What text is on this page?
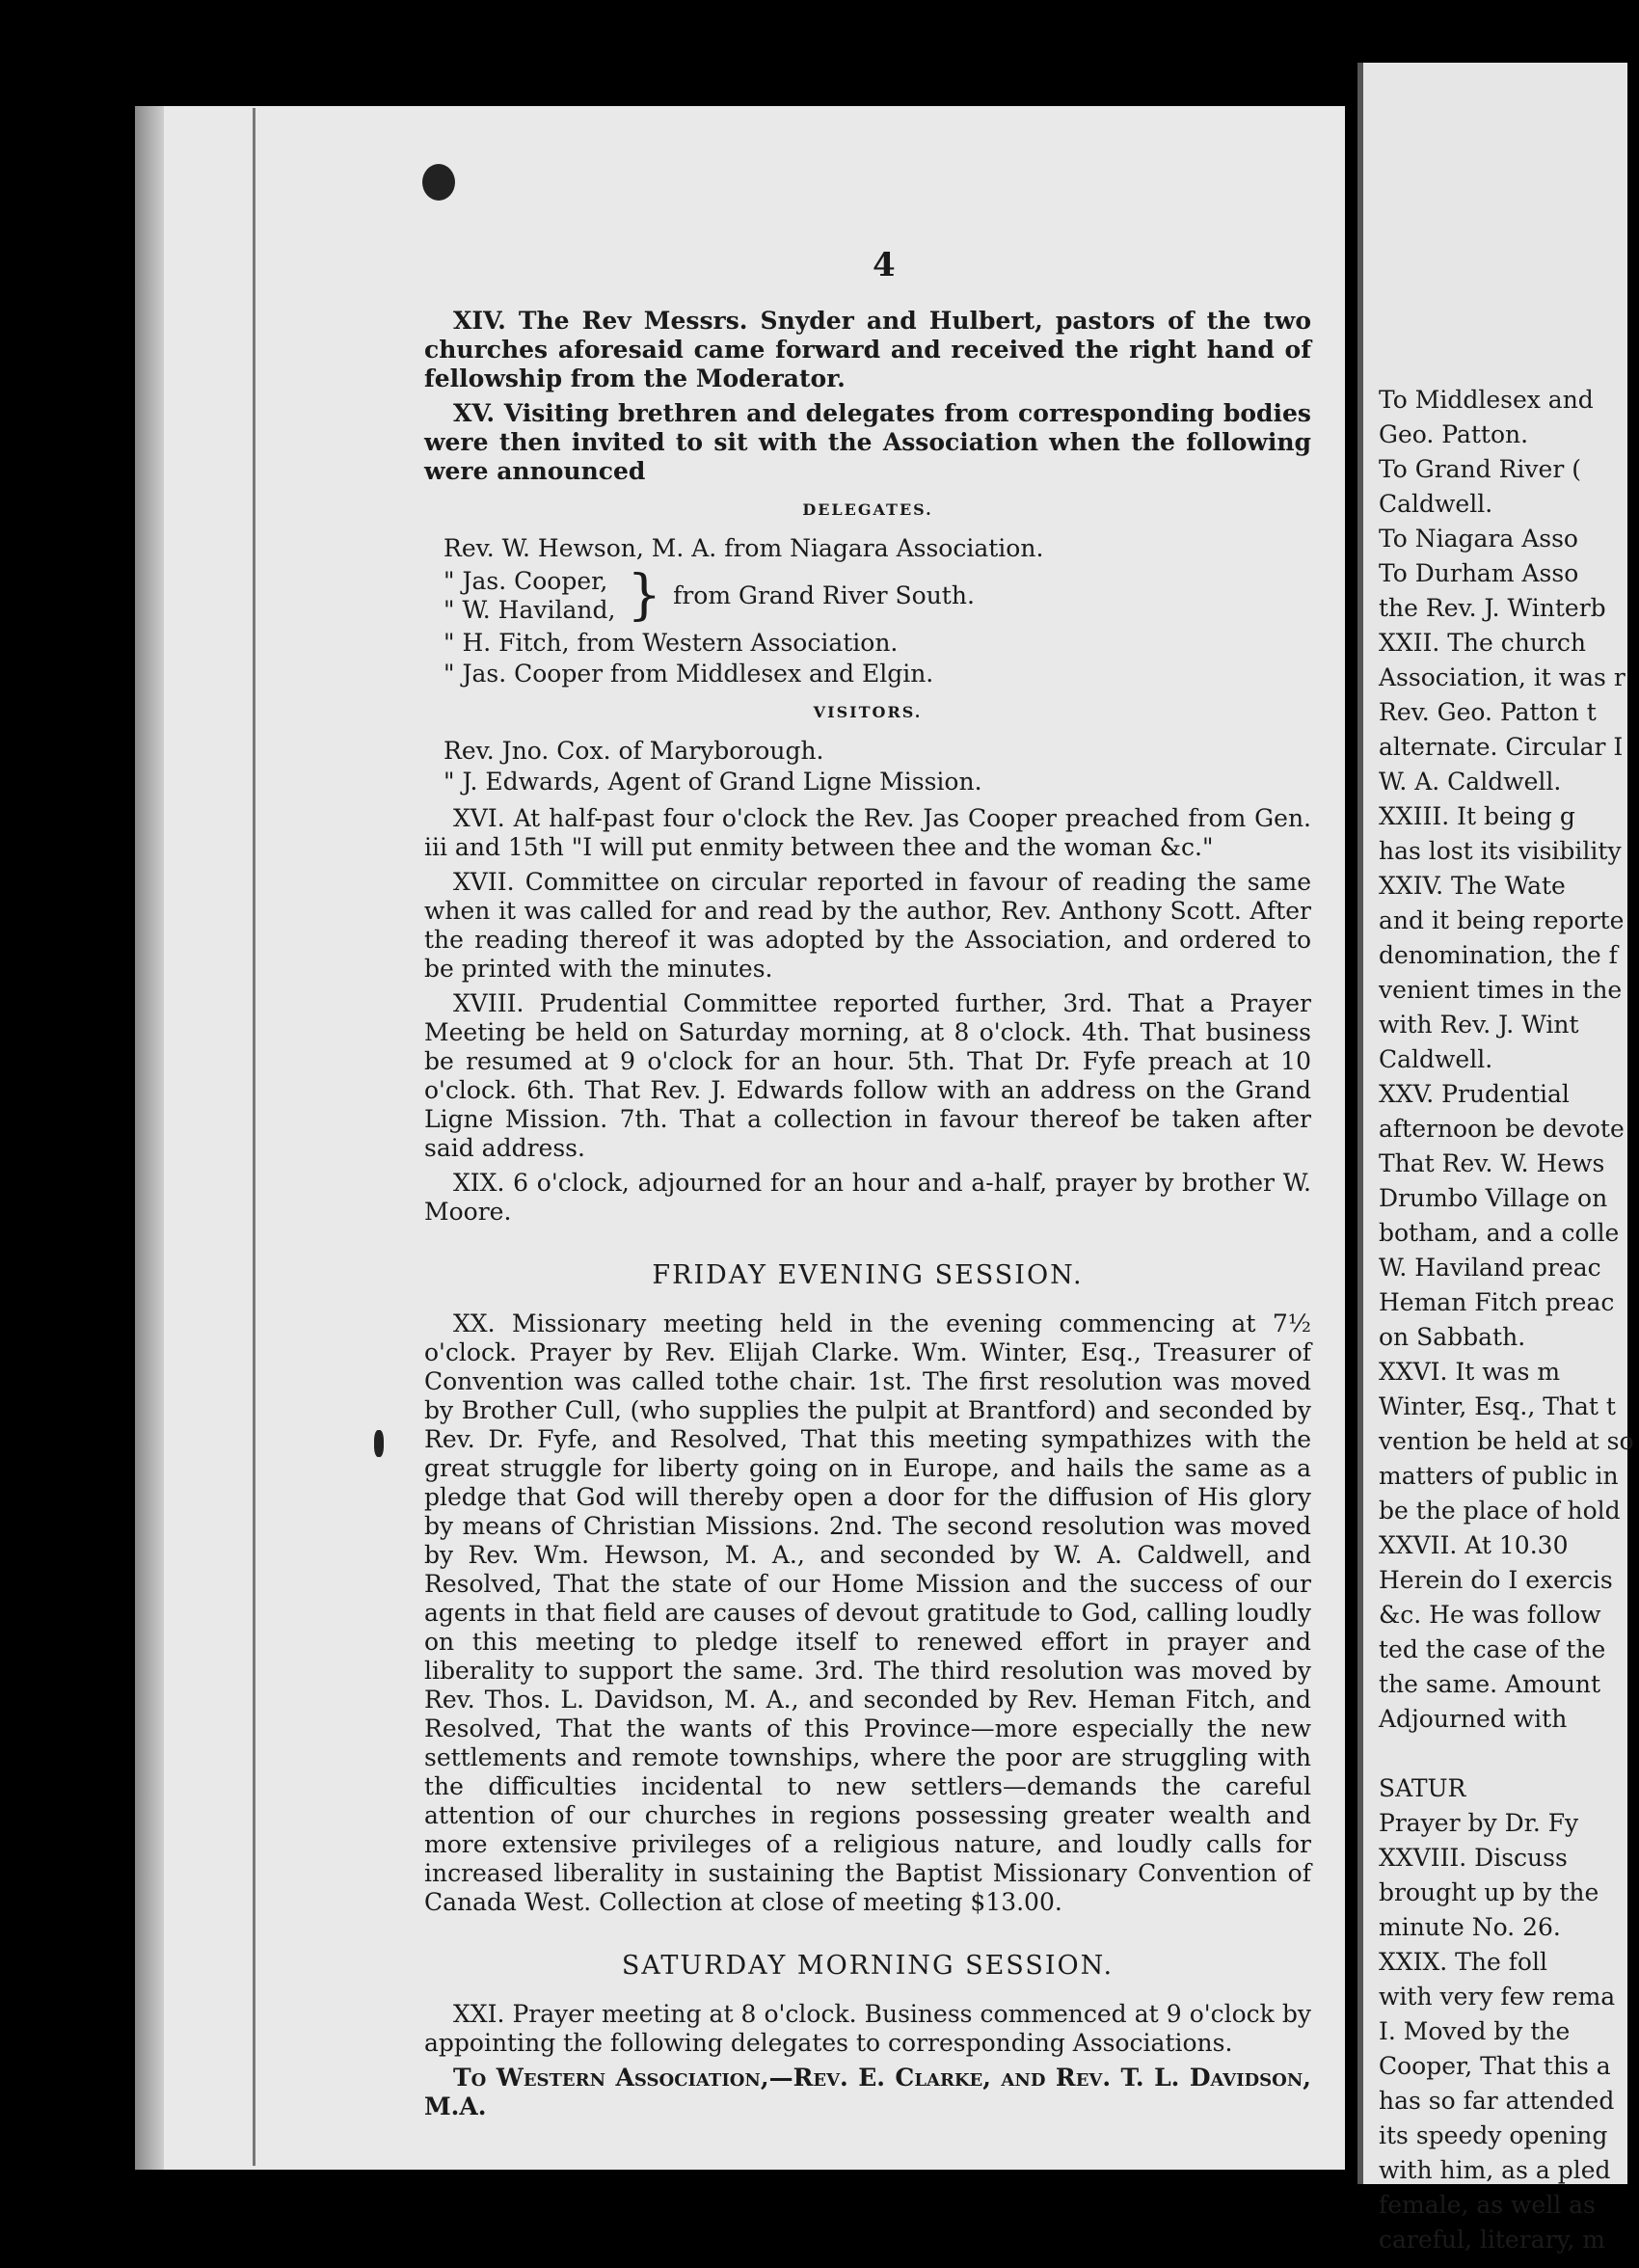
4

XIV. The Rev Messrs. Snyder and Hulbert, pastors of the two churches aforesaid came forward and received the right hand of fellowship from the Moderator.

XV. Visiting brethren and delegates from corresponding bodies were then invited to sit with the Association when the following were announced

DELEGATES.
Rev. W. Hewson, M. A. from Niagara Association.
" Jas. Cooper,
" W. Haviland, } from Grand River South.
" H. Fitch, from Western Association.
" Jas. Cooper from Middlesex and Elgin.
VISITORS.
Rev. Jno. Cox. of Maryborough.
" J. Edwards, Agent of Grand Ligne Mission.

XVI. At half-past four o'clock the Rev. Jas Cooper preached from Gen. iii and 15th "I will put enmity between thee and the woman &c."

XVII. Committee on circular reported in favour of reading the same when it was called for and read by the author, Rev. Anthony Scott. After the reading thereof it was adopted by the Association, and ordered to be printed with the minutes.

XVIII. Prudential Committee reported further, 3rd. That a Prayer Meeting be held on Saturday morning, at 8 o'clock. 4th. That business be resumed at 9 o'clock for an hour. 5th. That Dr. Fyfe preach at 10 o'clock. 6th. That Rev. J. Edwards follow with an address on the Grand Ligne Mission. 7th. That a collection in favour thereof be taken after said address.

XIX. 6 o'clock, adjourned for an hour and a-half, prayer by brother W. Moore.

FRIDAY EVENING SESSION.

XX. Missionary meeting held in the evening commencing at 7½ o'clock. Prayer by Rev. Elijah Clarke. Wm. Winter, Esq., Treasurer of Convention was called tothe chair. 1st. The first resolution was moved by Brother Cull, (who supplies the pulpit at Brantford) and seconded by Rev. Dr. Fyfe, and Resolved, That this meeting sympathizes with the great struggle for liberty going on in Europe, and hails the same as a pledge that God will thereby open a door for the diffusion of His glory by means of Christian Missions. 2nd. The second resolution was moved by Rev. Wm. Hewson, M. A., and seconded by W. A. Caldwell, and Resolved, That the state of our Home Mission and the success of our agents in that field are causes of devout gratitude to God, calling loudly on this meeting to pledge itself to renewed effort in prayer and liberality to support the same. 3rd. The third resolution was moved by Rev. Thos. L. Davidson, M. A., and seconded by Rev. Heman Fitch, and Resolved, That the wants of this Province—more especially the new settlements and remote townships, where the poor are struggling with the difficulties incidental to new settlers—demands the careful attention of our churches in regions possessing greater wealth and more extensive privileges of a religious nature, and loudly calls for increased liberality in sustaining the Baptist Missionary Convention of Canada West. Collection at close of meeting $13.00.

SATURDAY MORNING SESSION.

XXI. Prayer meeting at 8 o'clock. Business commenced at 9 o'clock by appointing the following delegates to corresponding Associations.

To Western Association,—Rev. E. Clarke, and Rev. T. L. Davidson, M.A.

To Middlesex and
Geo. Patton.
To Grand River (
Caldwell.
To Niagara Asso
To Durham Asso
the Rev. J. Winterb
XXII. The church
Association, it was r
Rev. Geo. Patton t
alternate. Circular I
W. A. Caldwell.
XXIII. It being g
has lost its visibility
XXIV. The Wate
and it being reporte
denomination, the f
venient times in the
with Rev. J. Wint
Caldwell.
XXV. Prudential
afternoon be devote
That Rev. W. Hews
Drumbo Village on
botham, and a colle
W. Haviland preac
Heman Fitch preac
on Sabbath.
XXVI. It was m
Winter, Esq., That t
vention be held at so
matters of public in
be the place of hold
XXVII. At 10.30
Herein do I exercis
&c. He was follow
ted the case of the
the same. Amount
Adjourned with
SATUR
Prayer by Dr. Fy
XXVIII. Discuss
brought up by the
minute No. 26.
XXIX. The foll
with very few rema
I. Moved by the
Cooper, That this a
has so far attended
its speedy opening
with him, as a pled
female, as well as
careful, literary, m
